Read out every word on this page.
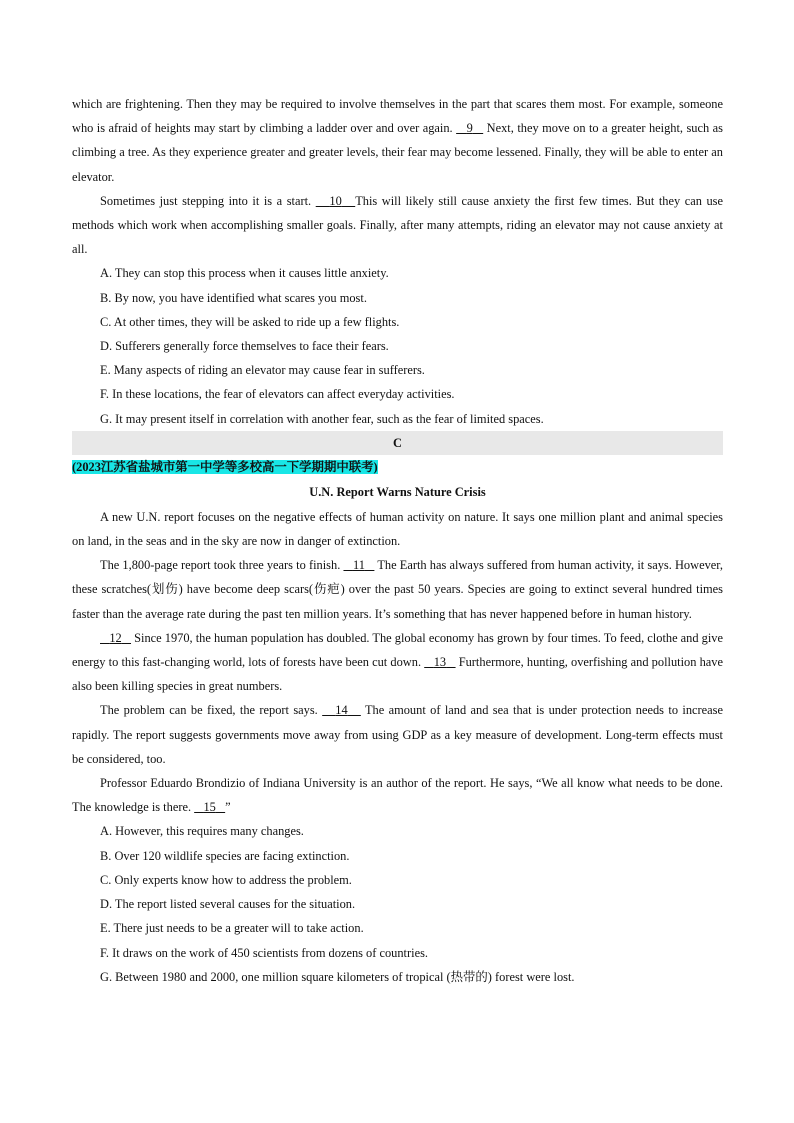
which are frightening. Then they may be required to involve themselves in the part that scares them most. For example, someone who is afraid of heights may start by climbing a ladder over and over again.    9    Next, they move on to a greater height, such as climbing a tree. As they experience greater and greater levels, their fear may become lessened. Finally, they will be able to enter an elevator.

Sometimes just stepping into it is a start.    10 This will likely still cause anxiety the first few times. But they can use methods which work when accomplishing smaller goals. Finally, after many attempts, riding an elevator may not cause anxiety at all.

A. They can stop this process when it causes little anxiety.

B. By now, you have identified what scares you most.

C. At other times, they will be asked to ride up a few flights.

D. Sufferers generally force themselves to face their fears.

E. Many aspects of riding an elevator may cause fear in sufferers.

F. In these locations, the fear of elevators can affect everyday activities.

G. It may present itself in correlation with another fear, such as the fear of limited spaces.

C

(2023江苏省盐城市第一中学等多校高一下学期期中联考)

U.N. Report Warns Nature Crisis

A new U.N. report focuses on the negative effects of human activity on nature. It says one million plant and animal species on land, in the seas and in the sky are now in danger of extinction.

The 1,800-page report took three years to finish.    11    The Earth has always suffered from human activity, it says. However, these scratches(划伤) have become deep scars(伤疤) over the past 50 years. Species are going to extinct several hundred times faster than the average rate during the past ten million years. It’s something that has never happened before in human history.

12    Since 1970, the human population has doubled. The global economy has grown by four times. To feed, clothe and give energy to this fast-changing world, lots of forests have been cut down.    13    Furthermore, hunting, overfishing and pollution have also been killing species in great numbers.

The problem can be fixed, the report says.    14    The amount of land and sea that is under protection needs to increase rapidly. The report suggests governments move away from using GDP as a key measure of development. Long-term effects must be considered, too.

Professor Eduardo Brondizio of Indiana University is an author of the report. He says, “We all know what needs to be done. The knowledge is there.    15 ”

A. However, this requires many changes.

B. Over 120 wildlife species are facing extinction.

C. Only experts know how to address the problem.

D. The report listed several causes for the situation.

E. There just needs to be a greater will to take action.

F. It draws on the work of 450 scientists from dozens of countries.

G. Between 1980 and 2000, one million square kilometers of tropical (热带的) forest were lost.
